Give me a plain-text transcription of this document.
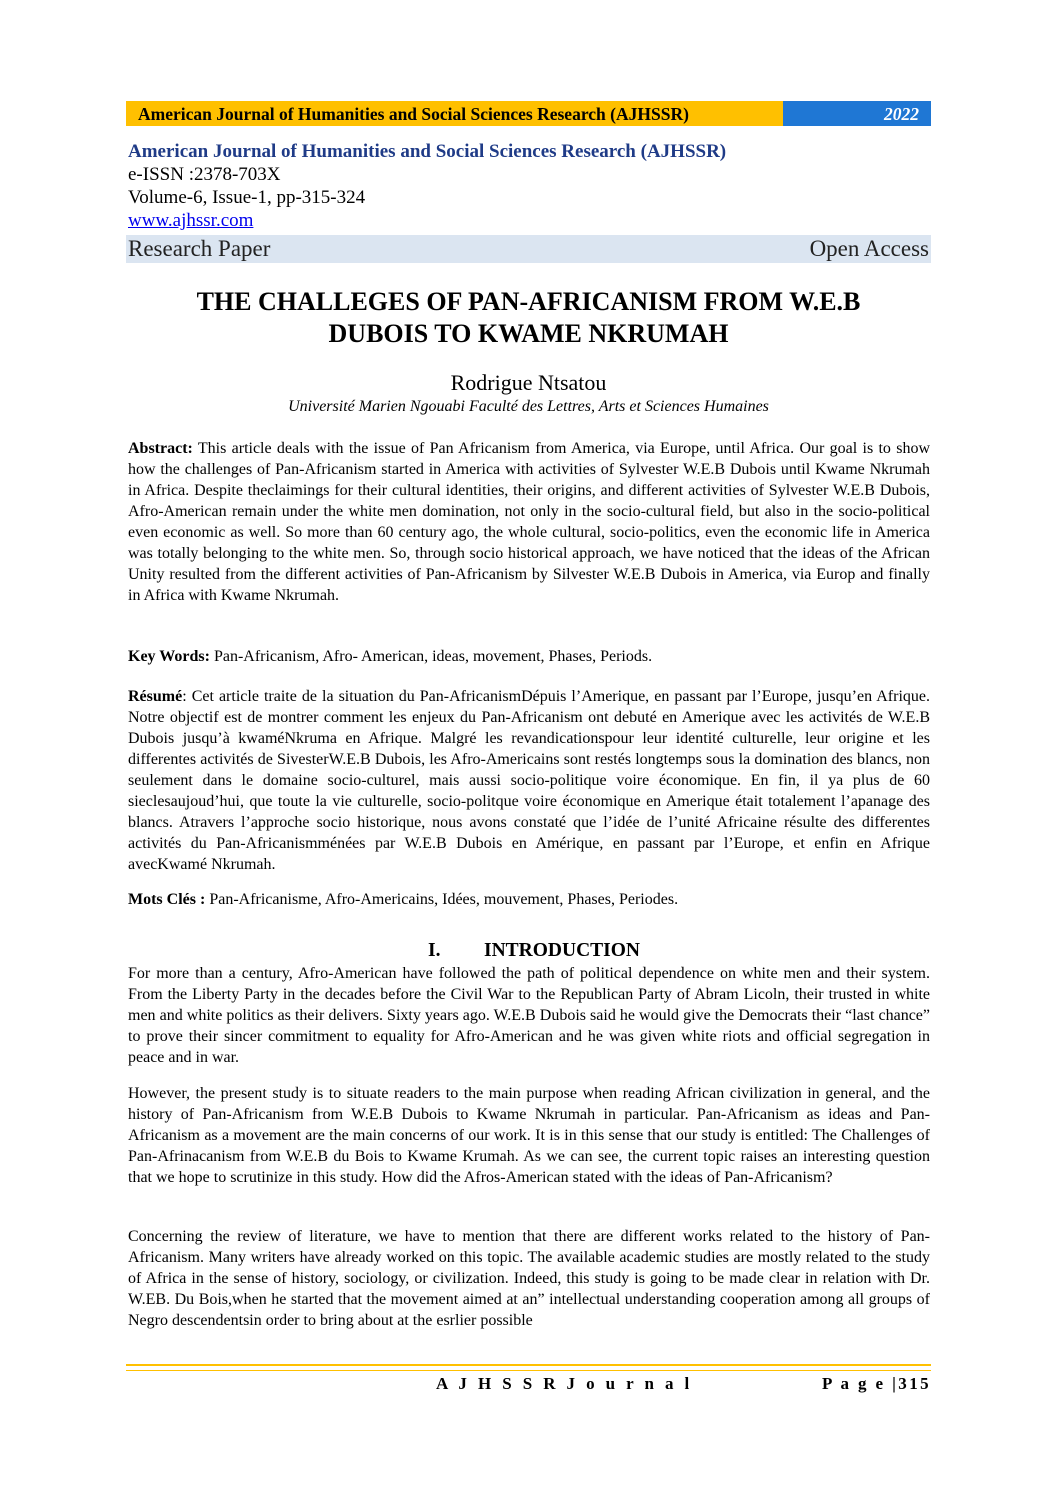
American Journal of Humanities and Social Sciences Research (AJHSSR)	2022
American Journal of Humanities and Social Sciences Research (AJHSSR)
e-ISSN :2378-703X
Volume-6, Issue-1, pp-315-324
www.ajhssr.com
Research Paper	Open Access
THE CHALLEGES OF PAN-AFRICANISM FROM W.E.B
DUBOIS TO KWAME NKRUMAH
Rodrigue Ntsatou
Université Marien Ngouabi Faculté des Lettres, Arts et Sciences Humaines
Abstract: This article deals with the issue of Pan Africanism from America, via Europe, until Africa. Our goal is to show how the challenges of Pan-Africanism started in America with activities of Sylvester W.E.B Dubois until Kwame Nkrumah in Africa. Despite theclaimings for their cultural identities, their origins, and different activities of Sylvester W.E.B Dubois, Afro-American remain under the white men domination, not only in the socio-cultural field, but also in the socio-political even economic as well. So more than 60 century ago, the whole cultural, socio-politics, even the economic life in America was totally belonging to the white men. So, through socio historical approach, we have noticed that the ideas of the African Unity resulted from the different activities of Pan-Africanism by Silvester W.E.B Dubois in America, via Europ and finally in Africa with Kwame Nkrumah.
Key Words: Pan-Africanism, Afro- American, ideas, movement, Phases, Periods.
Résumé: Cet article traite de la situation du Pan-AfricanismDépuis l’Amerique, en passant par l’Europe, jusqu’en Afrique. Notre objectif est de montrer comment les enjeux du Pan-Africanism ont debuté en Amerique avec les activités de W.E.B Dubois jusqu’à kwaméNkruma en Afrique. Malgré les revandicationspour leur identité culturelle, leur origine et les differentes activités de SivesterW.E.B Dubois, les Afro-Americains sont restés longtemps sous la domination des blancs, non seulement dans le domaine socio-culturel, mais aussi socio-politique voire économique. En fin, il ya plus de 60 sieclesaujoud’hui, que toute la vie culturelle, socio-politque voire économique en Amerique était totalement l’apanage des blancs. Atravers l’approche socio historique, nous avons constaté que l’idée de l’unité Africaine résulte des differentes activités du Pan-Africanismménées par W.E.B Dubois en Amérique, en passant par l’Europe, et enfin en Afrique avecKwamé Nkrumah.
Mots Clés : Pan-Africanisme, Afro-Americains, Idées, mouvement, Phases, Periodes.
I. INTRODUCTION
For more than a century, Afro-American have followed the path of political dependence on white men and their system. From the Liberty Party in the decades before the Civil War to the Republican Party of Abram Licoln, their trusted in white men and white politics as their delivers. Sixty years ago. W.E.B Dubois said he would give the Democrats their “last chance” to prove their sincer commitment to equality for Afro-American and he was given white riots and official segregation in peace and in war.
However, the present study is to situate readers to the main purpose when reading African civilization in general, and the history of Pan-Africanism from W.E.B Dubois to Kwame Nkrumah in particular. Pan-Africanism as ideas and Pan-Africanism as a movement are the main concerns of our work. It is in this sense that our study is entitled: The Challenges of Pan-Afrinacanism from W.E.B du Bois to Kwame Krumah. As we can see, the current topic raises an interesting question that we hope to scrutinize in this study. How did the Afros-American stated with the ideas of Pan-Africanism?
Concerning the review of literature, we have to mention that there are different works related to the history of Pan-Africanism. Many writers have already worked on this topic. The available academic studies are mostly related to the study of Africa in the sense of history, sociology, or civilization. Indeed, this study is going to be made clear in relation with Dr. W.EB. Du Bois,when he started that the movement aimed at an” intellectual understanding cooperation among all groups of Negro descendentsin order to bring about at the esrlier possible
A J H S S R J o u r n a l	P a g e |315
